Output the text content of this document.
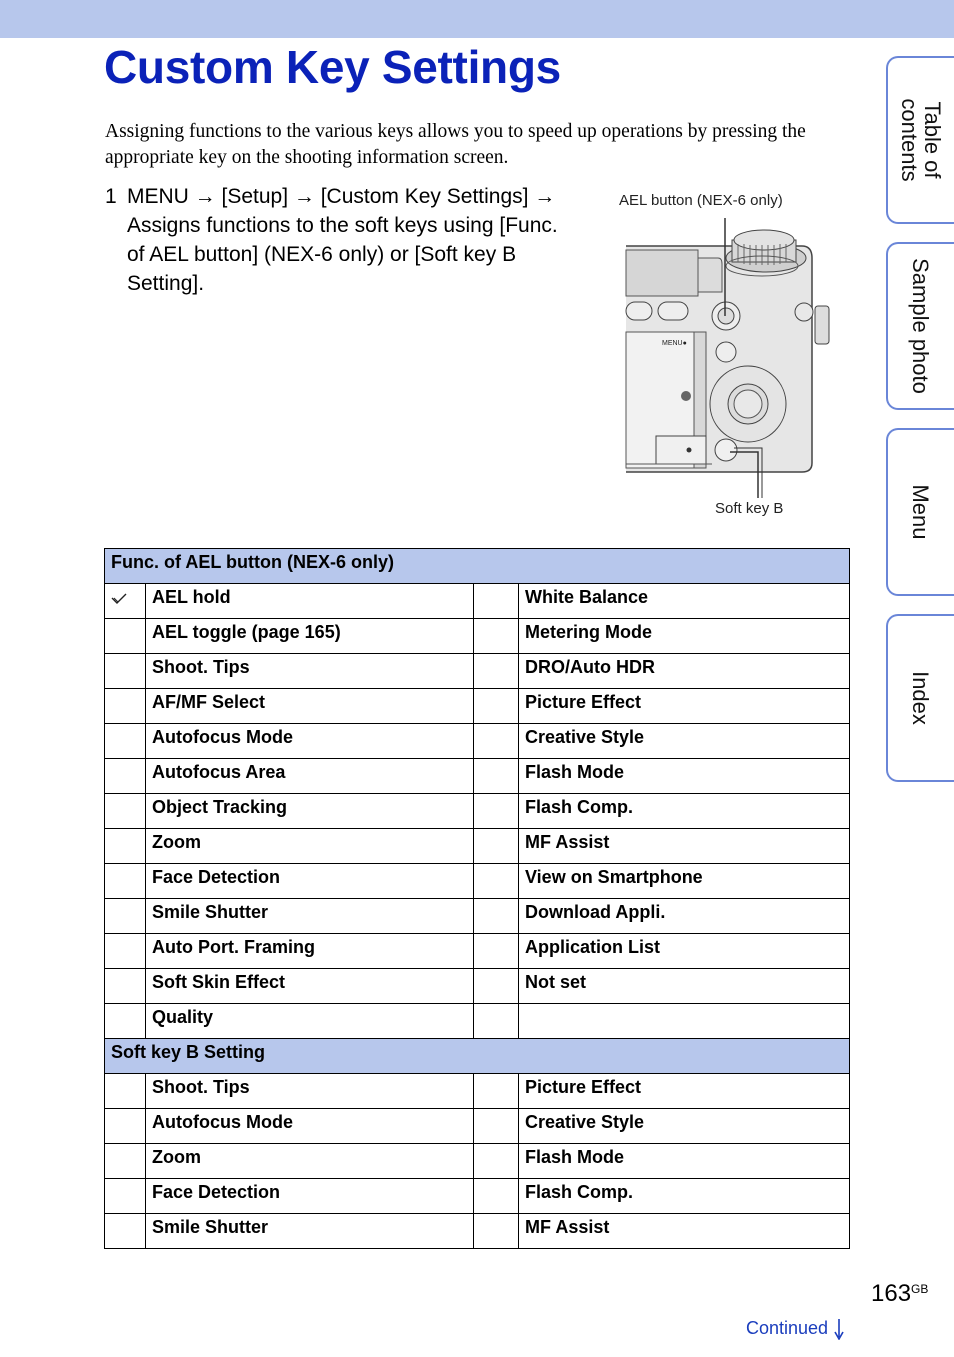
Custom Key Settings
Assigning functions to the various keys allows you to speed up operations by pressing the appropriate key on the shooting information screen.
1 MENU → [Setup] → [Custom Key Settings] → Assigns functions to the soft keys using [Func. of AEL button] (NEX-6 only) or [Soft key B Setting].
AEL button (NEX-6 only)
MENU●
Soft key B
Func. of AEL button (NEX-6 only)			

	AEL hold		White Balance
	AEL toggle (page 165)		Metering Mode
	Shoot. Tips		DRO/Auto HDR
	AF/MF Select		Picture Effect
	Autofocus Mode		Creative Style
	Autofocus Area		Flash Mode
	Object Tracking		Flash Comp.
	Zoom		MF Assist
	Face Detection		View on Smartphone
	Smile Shutter		Download Appli.
	Auto Port. Framing		Application List
	Soft Skin Effect		Not set
	Quality		
Soft key B Setting			
	Shoot. Tips		Picture Effect
	Autofocus Mode		Creative Style
	Zoom		Flash Mode
	Face Detection		Flash Comp.
	Smile Shutter		MF Assist
Table of contents
Sample photo
Menu
Index
$163^{GB}$
Continued
